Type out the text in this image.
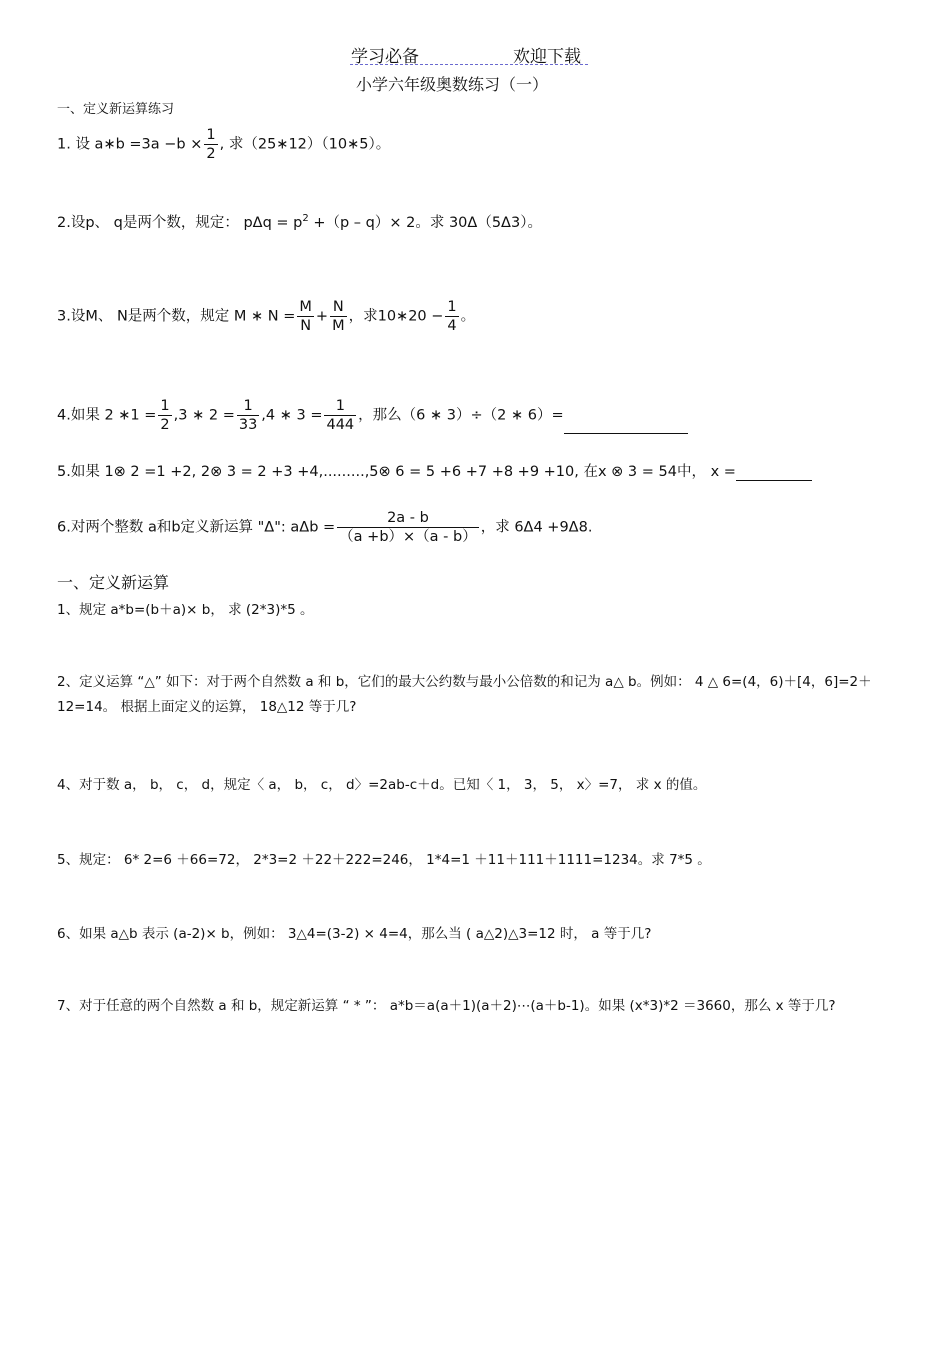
学习必备	欢迎下载
小学六年级奥数练习（一）
一、定义新运算练习
1. 设 a∗b $=3a -b \times \frac{1}{2}$ , 求（25∗12）（10∗5）。
2.设p、 q是两个数，规定： $p\Delta q = p^2 +(p - q)\times 2$。求 30Δ（5Δ3）。
3.设M、 N是两个数，规定 M ∗ $N = \frac{M}{N} + \frac{N}{M}$ ，求10∗20 − $\frac{1}{4}$ 。
4.如果 2 ∗1 = $\frac{1}{2} ,3$ ∗ $2 = \frac{1}{33} ,4$ ∗ $3 = \frac{1}{444}$ ，那么（6 ∗ 3）÷（2 ∗ 6）=
5.如果 1⊗ 2 =1 +2, 2⊗ 3 = 2 +3 +4,.........,5⊗ 6 = 5 +6 +7 +8 +9 +10, 在x ⊗ 3 = 54中， x =
6.对两个整数 a和b定义新运算 "Δ": $a\Delta b = \frac{2a - b}{(a +b)\times(a - b)}$ ，求 6Δ4 +9Δ8.
一、定义新运算
1、规定 a*b=(b＋a)× b， 求 (2*3)*5 。
2、定义运算 “△” 如下：对于两个自然数 a 和 b，它们的最大公约数与最小公倍数的和记为 a△ b。例如： 4 △ 6=(4，6)＋[4，6]=2＋12=14。 根据上面定义的运算， 18△12 等于几?
4、对于数 a， b， c， d，规定〈 a， b， c， d〉=2ab-c＋d。已知〈 1， 3， 5， x〉=7， 求 x 的值。
5、规定： 6* 2=6 ＋66=72， 2*3=2 ＋22＋222=246， 1*4=1 ＋11＋111＋1111=1234。求 7*5 。
6、如果 a△b 表示 (a-2)× b，例如： 3△4=(3-2) × 4=4，那么当 ( a△2)△3=12 时， a 等于几?
7、对于任意的两个自然数 a 和 b，规定新运算 “ * ”： a*b＝a(a＋1)(a＋2)⋯(a＋b-1)。如果 (x*3)*2 ＝3660，那么 x 等于几?
